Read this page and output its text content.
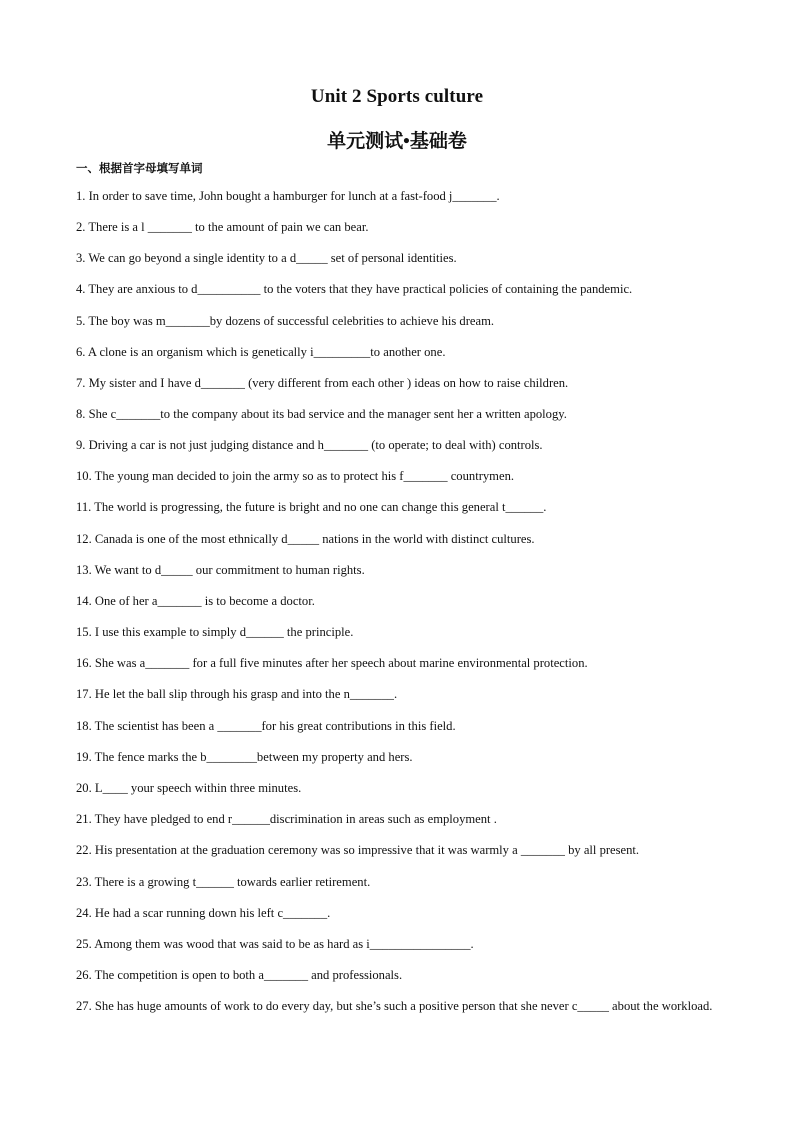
Unit 2 Sports culture
单元测试•基础卷

一、根据首字母填写单词

1. In order to save time, John bought a hamburger for lunch at a fast-food j_______.

2. There is a l _______ to the amount of pain we can bear.

3. We can go beyond a single identity to a d_____ set of personal identities.

4. They are anxious to d__________ to the voters that they have practical policies of containing the pandemic.

5. The boy was m_______by dozens of successful celebrities to achieve his dream.

6. A clone is an organism which is genetically i_________to another one.

7. My sister and I have d_______ (very different from each other ) ideas on how to raise children.

8. She c_______to the company about its bad service and the manager sent her a written apology.

9. Driving a car is not just judging distance and h_______ (to operate; to deal with) controls.

10. The young man decided to join the army so as to protect his f_______ countrymen.

11. The world is progressing, the future is bright and no one can change this general t______.

12. Canada is one of the most ethnically d_____ nations in the world with distinct cultures.

13. We want to d_____ our commitment to human rights.

14. One of her a_______ is to become a doctor.

15. I use this example to simply d______ the principle.

16. She was a_______ for a full five minutes after her speech about marine environmental protection.

17. He let the ball slip through his grasp and into the n_______.

18. The scientist has been a _______for his great contributions in this field.

19. The fence marks the b________between my property and hers.

20. L____ your speech within three minutes.

21. They have pledged to end r______discrimination in areas such as employment .

22. His presentation at the graduation ceremony was so impressive that it was warmly a _______ by all present.

23. There is a growing t______ towards earlier retirement.

24. He had a scar running down his left c_______.

25. Among them was wood that was said to be as hard as i________________.

26. The competition is open to both a_______ and professionals.

27. She has huge amounts of work to do every day, but she’s such a positive person that she never c_____ about the workload.
